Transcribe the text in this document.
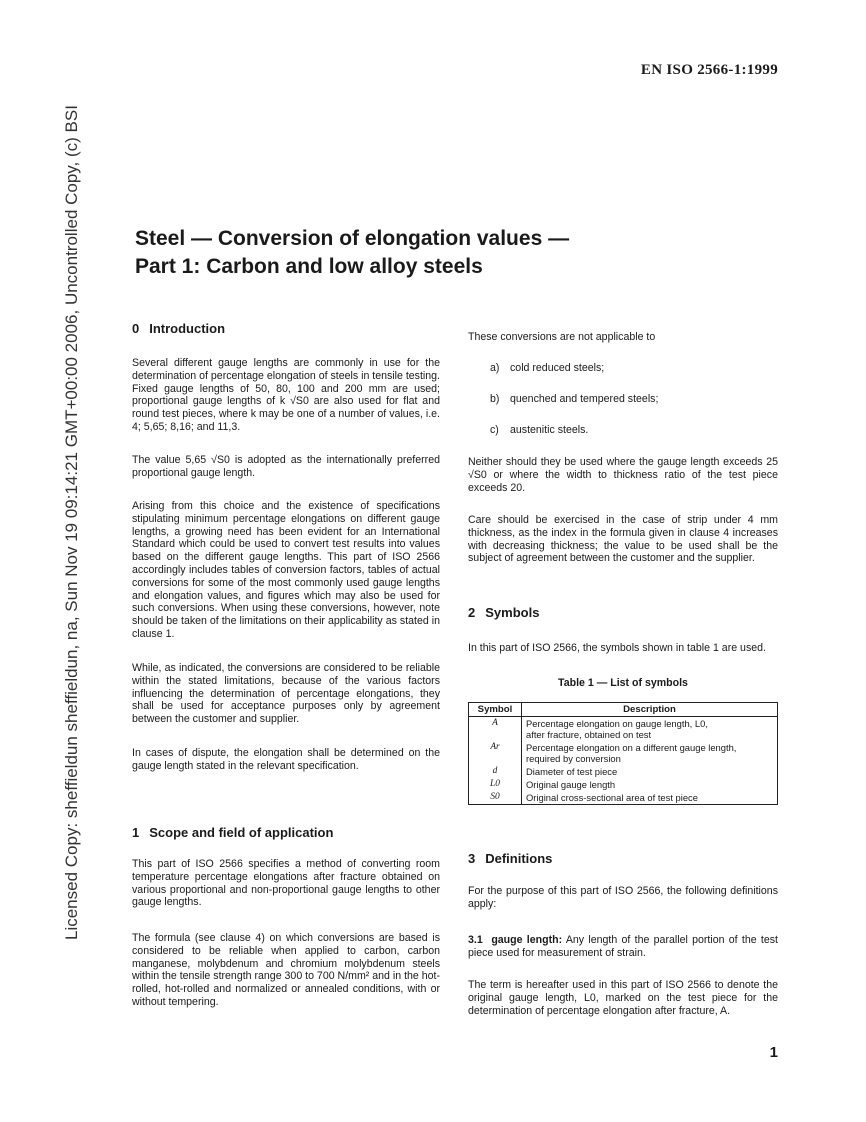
EN ISO 2566-1:1999
Licensed Copy: sheffieldun sheffieldun, na, Sun Nov 19 09:14:21 GMT+00:00 2006, Uncontrolled Copy, (c) BSI	Steel — Conversion of elongation values —
Part 1: Carbon and low alloy steels
0 Introduction

Several different gauge lengths are commonly in use for the determination of percentage elongation of steels in tensile testing. Fixed gauge lengths of 50, 80, 100 and 200 mm are used; proportional gauge lengths of k √S0 are also used for flat and round test pieces, where k may be one of a number of values, i.e. 4; 5,65; 8,16; and 11,3.

The value 5,65 √S0 is adopted as the internationally preferred proportional gauge length.

Arising from this choice and the existence of specifications stipulating minimum percentage elongations on different gauge lengths, a growing need has been evident for an International Standard which could be used to convert test results into values based on the different gauge lengths. This part of ISO 2566 accordingly includes tables of conversion factors, tables of actual conversions for some of the most commonly used gauge lengths and elongation values, and figures which may also be used for such conversions. When using these conversions, however, note should be taken of the limitations on their applicability as stated in clause 1.

While, as indicated, the conversions are considered to be reliable within the stated limitations, because of the various factors influencing the determination of percentage elongations, they shall be used for acceptance purposes only by agreement between the customer and supplier.

In cases of dispute, the elongation shall be determined on the gauge length stated in the relevant specification.

1 Scope and field of application

This part of ISO 2566 specifies a method of converting room temperature percentage elongations after fracture obtained on various proportional and non-proportional gauge lengths to other gauge lengths.

The formula (see clause 4) on which conversions are based is considered to be reliable when applied to carbon, carbon manganese, molybdenum and chromium molybdenum steels within the tensile strength range 300 to 700 N/mm² and in the hot-rolled, hot-rolled and normalized or annealed conditions, with or without tempering.

These conversions are not applicable to

a) cold reduced steels;
b) quenched and tempered steels;
c) austenitic steels.

Neither should they be used where the gauge length exceeds 25 √S0 or where the width to thickness ratio of the test piece exceeds 20.

Care should be exercised in the case of strip under 4 mm thickness, as the index in the formula given in clause 4 increases with decreasing thickness; the value to be used shall be the subject of agreement between the customer and the supplier.

2 Symbols

In this part of ISO 2566, the symbols shown in table 1 are used.

Table 1 — List of symbols
Symbol	Description
A	Percentage elongation on gauge length, L0,
after fracture, obtained on test

Ar	Percentage elongation on a different gauge length,
required by conversion

d	Diameter of test piece
L0	Original gauge length
S0	Original cross-sectional area of test piece
3 Definitions

For the purpose of this part of ISO 2566, the following definitions apply:

3.1 gauge length: Any length of the parallel portion of the test piece used for measurement of strain.

The term is hereafter used in this part of ISO 2566 to denote the original gauge length, L0, marked on the test piece for the determination of percentage elongation after fracture, A.

1
